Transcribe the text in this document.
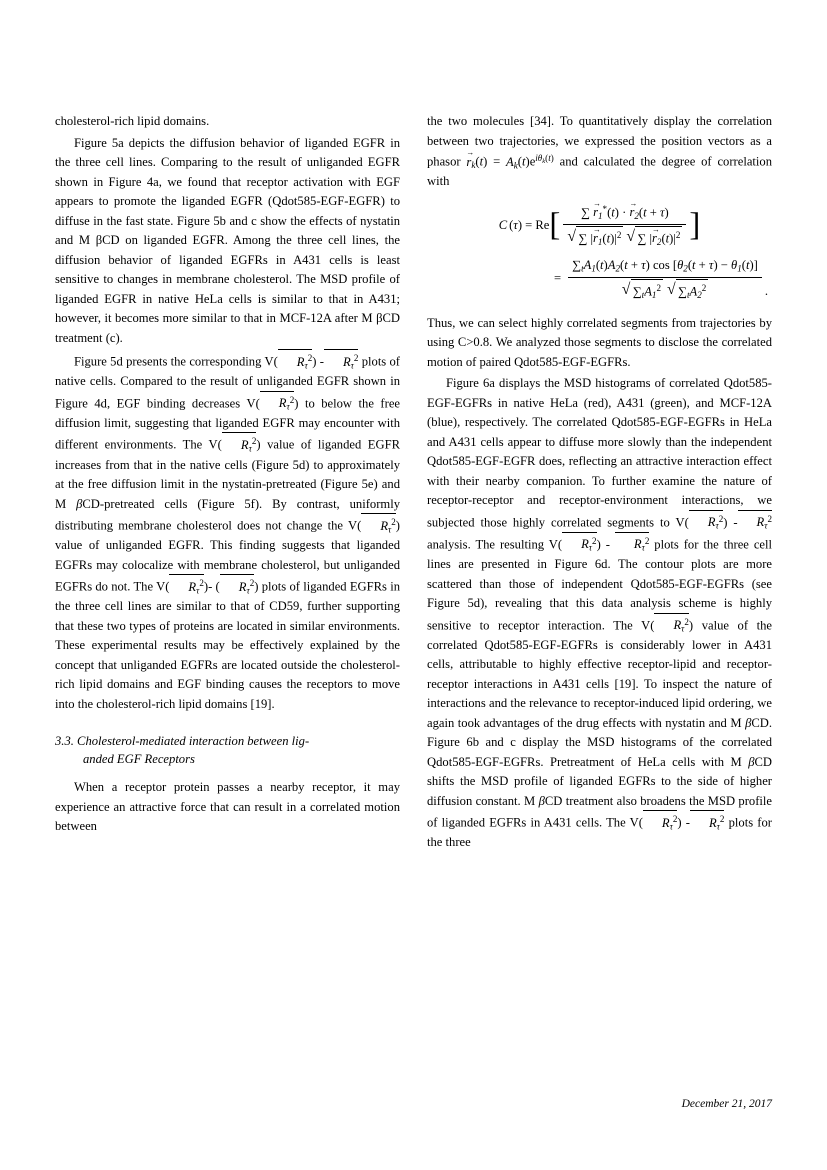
cholesterol-rich lipid domains.

Figure 5a depicts the diffusion behavior of liganded EGFR in the three cell lines. Comparing to the result of unliganded EGFR shown in Figure 4a, we found that receptor activation with EGF appears to promote the liganded EGFR (Qdot585-EGF-EGFR) to diffuse in the fast state. Figure 5b and c show the effects of nystatin and M βCD on liganded EGFR. Among the three cell lines, the diffusion behavior of liganded EGFRs in A431 cells is least sensitive to changes in membrane cholesterol. The MSD profile of liganded EGFR in native HeLa cells is similar to that in A431; however, it becomes more similar to that in MCF-12A after M βCD treatment (c).

Figure 5d presents the corresponding V( $R_\tau^2) - R_\tau^2$ plots of native cells. Compared to the result of unliganded EGFR shown in Figure 4d, EGF binding decreases V( $R_\tau^2$) to below the free diffusion limit, suggesting that liganded EGFR may encounter with different environments. The V( $R_\tau^2$) value of liganded EGFR increases from that in the native cells (Figure 5d) to approximately at the free diffusion limit in the nystatin-pretreated (Figure 5e) and M βCD-pretreated cells (Figure 5f). By contrast, uniformly distributing membrane cholesterol does not change the V( $R_\tau^2$) value of unliganded EGFR. This finding suggests that liganded EGFRs may colocalize with membrane cholesterol, but unliganded EGFRs do not. The V( $R_\tau^2)-$ ( $R_\tau^2$) plots of liganded EGFRs in the three cell lines are similar to that of CD59, further supporting that these two types of proteins are located in similar environments. These experimental results may be effectively explained by the concept that unliganded EGFRs are located outside the cholesterol-rich lipid domains and EGF binding causes the receptors to move into the cholesterol-rich lipid domains [19].

3.3. Cholesterol-mediated interaction between lig-
anded EGF Receptors

When a receptor protein passes a nearby receptor, it may experience an attractive force that can result in a correlated motion between

the two molecules [34]. To quantitatively display the correlation between two trajectories, we expressed the position vectors as a phasor $r \to_k(t) = A_k(t)e^{i\theta_k(t)}$ and calculated the degree of correlation with

C ( τ ) = Re [ ∑ $r \to_1^*(t) \cdot r \to_2(t + \tau)$
√ ∑ $|r \to_1(t)|^2$ √ ∑ $|r \to_2(t)|^2$ ]
= $\sum_tA_1(t)A_2(t + \tau)$ $\cos [\theta_2(t + \tau) - \theta_1(t)]$
√ $\sum_tA_1^2$ √ $\sum_tA_2^2$ .

Thus, we can select highly correlated segments from trajectories by using C>0.8. We analyzed those segments to disclose the correlated motion of paired Qdot585-EGF-EGFRs.

Figure 6a displays the MSD histograms of correlated Qdot585-EGF-EGFRs in native HeLa (red), A431 (green), and MCF-12A (blue), respectively. The correlated Qdot585-EGF-EGFRs in HeLa and A431 cells appear to diffuse more slowly than the independent Qdot585-EGF-EGFR does, reflecting an attractive interaction effect with their nearby companion. To further examine the nature of receptor-receptor and receptor-environment interactions, we subjected those highly correlated segments to V( $R_\tau^2) - R_\tau^2$ analysis. The resulting V( $R_\tau^2) - R_\tau^2$ plots for the three cell lines are presented in Figure 6d. The contour plots are more scattered than those of independent Qdot585-EGF-EGFRs (see Figure 5d), revealing that this data analysis scheme is highly sensitive to receptor interaction. The V( $R_\tau^2$) value of the correlated Qdot585-EGF-EGFRs is considerably lower in A431 cells, attributable to highly effective receptor-lipid and receptor-receptor interactions in A431 cells [19]. To inspect the nature of interactions and the relevance to receptor-induced lipid ordering, we again took advantages of the drug effects with nystatin and M βCD. Figure 6b and c display the MSD histograms of the correlated Qdot585-EGF-EGFRs. Pretreatment of HeLa cells with M βCD shifts the MSD profile of liganded EGFRs to the side of higher diffusion constant. M βCD treatment also broadens the MSD profile of liganded EGFRs in A431 cells. The V( $R_\tau^2) - R_\tau^2$ plots for the three

December 21, 2017
